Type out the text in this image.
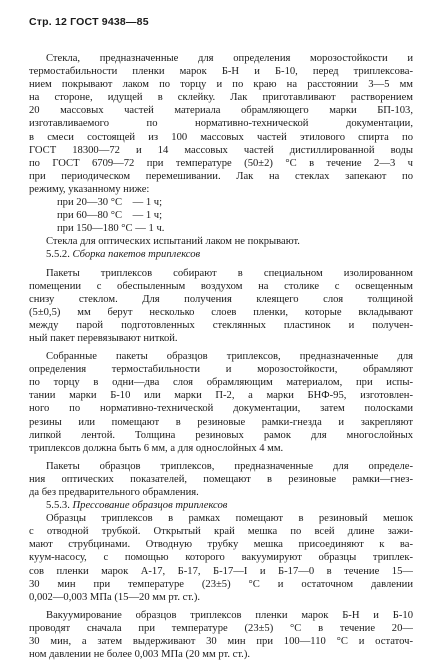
Стр. 12 ГОСТ 9438—85
Стекла, предназначенные для определения морозостойкости и
термостабильности пленки марок Б-Н и Б-10, перед триплексова-
нием покрывают лаком по торцу и по краю на расстоянии 3—5 мм
на стороне, идущей в склейку. Лак приготавливают растворением
20 массовых частей материала обрамляющего марки БП-103,
изготавливаемого по нормативно-технической документации,
в смеси состоящей из 100 массовых частей этилового спирта по
ГОСТ 18300—72 и 14 массовых частей дистиллированной воды
по ГОСТ 6709—72 при температуре (50±2) °С в течение 2—3 ч
при периодическом перемешивании. Лак на стеклах запекают по
режиму, указанному ниже:
при 20—30 °С    — 1 ч;
при 60—80 °С    — 1 ч;
при 150—180 °С — 1 ч.
Стекла для оптических испытаний лаком не покрывают.
5.5.2. Сборка пакетов триплексов
Пакеты триплексов собирают в специальном изолированном
помещении с обеспыленным воздухом на столике с освещенным
снизу стеклом. Для получения клеящего слоя толщиной
(5±0,5) мм берут несколько слоев пленки, которые вкладывают
между парой подготовленных стеклянных пластинок и получен-
ный пакет перевязывают ниткой.
Собранные пакеты образцов триплексов, предназначенные для
определения термостабильности и морозостойкости, обрамляют
по торцу в одни—два слоя обрамляющим материалом, при испы-
тании марки Б-10 или марки П-2, а марки БНФ-95, изготовлен-
ного по нормативно-технической документации, затем полосками
резины или помещают в резиновые рамки-гнезда и закрепляют
липкой лентой. Толщина резиновых рамок для многослойных
триплексов должна быть 6 мм, а для однослойных 4 мм.
Пакеты образцов триплексов, предназначенные для определе-
ния оптических показателей, помещают в резиновые рамки—гнез-
да без предварительного обрамления.
5.5.3. Прессование образцов триплексов
Образцы триплексов в рамках помещают в резиновый мешок
с отводной трубкой. Открытый край мешка по всей длине зажи-
мают струбцинами. Отводную трубку мешка присоединяют к ва-
куум-насосу, с помощью которого вакуумируют образцы триплек-
сов пленки марок А-17, Б-17, Б-17—I и Б-17—0 в течение 15—
30 мин при температуре (23±5) °С и остаточном давлении
0,002—0,003 МПа (15—20 мм рт. ст.).
Вакуумирование образцов триплексов пленки марок Б-Н и Б-10
проводят сначала при температуре (23±5) °С в течение 20—
30 мин, а затем выдерживают 30 мин при 100—110 °С и остаточ-
ном давлении не более 0,003 МПа (20 мм рт. ст.).
